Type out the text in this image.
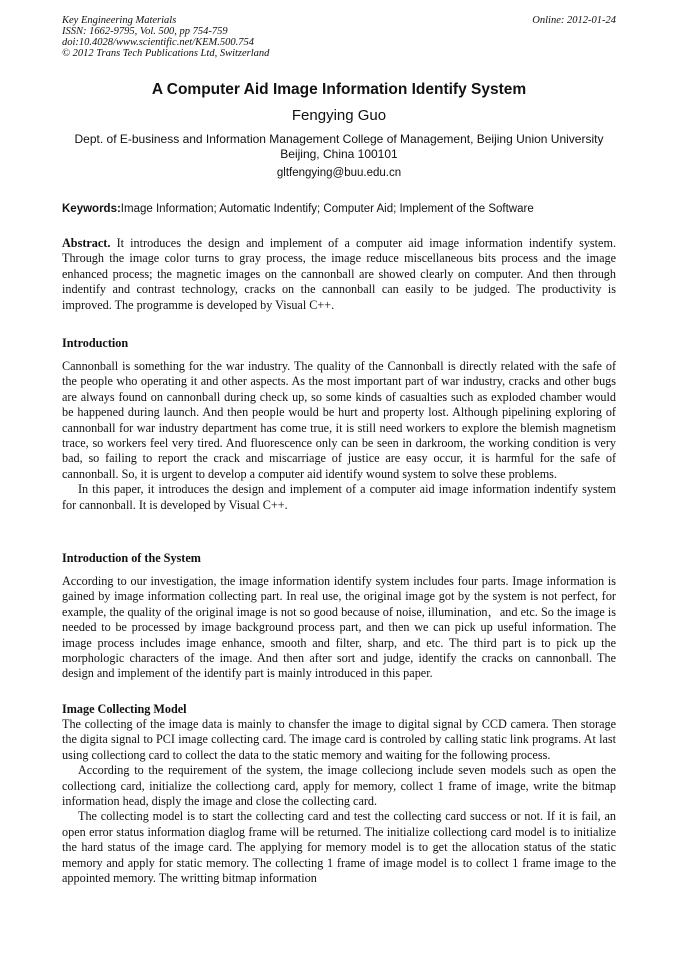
Key Engineering Materials
ISSN: 1662-9795, Vol. 500, pp 754-759
doi:10.4028/www.scientific.net/KEM.500.754
© 2012 Trans Tech Publications Ltd, Switzerland
Online: 2012-01-24
A Computer Aid Image Information Identify System
Fengying Guo
Dept. of E-business and Information Management College of Management, Beijing Union University Beijing, China 100101
gltfengying@buu.edu.cn
Keywords:Image Information; Automatic Indentify; Computer Aid; Implement of the Software

Abstract. It introduces the design and implement of a computer aid image information indentify system. Through the image color turns to gray process, the image reduce miscellaneous bits process and the image enhanced process; the magnetic images on the cannonball are showed clearly on computer. And then through indentify and contrast technology, cracks on the cannonball can easily to be judged. The productivity is improved. The programme is developed by Visual C++.

Introduction

Cannonball is something for the war industry. The quality of the Cannonball is directly related with the safe of the people who operating it and other aspects. As the most important part of war industry, cracks and other bugs are always found on cannonball during check up, so some kinds of casualties such as exploded chamber would be happened during launch. And then people would be hurt and property lost. Although pipelining exploring of cannonball for war industry department has come true, it is still need workers to explore the blemish magnetism trace, so workers feel very tired. And fluorescence only can be seen in darkroom, the working condition is very bad, so failing to report the crack and miscarriage of justice are easy occur, it is harmful for the safe of cannonball. So, it is urgent to develop a computer aid identify wound system to solve these problems.

In this paper, it introduces the design and implement of a computer aid image information indentify system for cannonball. It is developed by Visual C++.

Introduction of the System

According to our investigation, the image information identify system includes four parts. Image information is gained by image information collecting part. In real use, the original image got by the system is not perfect, for example, the quality of the original image is not so good because of noise, illumination，and etc. So the image is needed to be processed by image background process part, and then we can pick up useful information. The image process includes image enhance, smooth and filter, sharp, and etc. The third part is to pick up the morphologic characters of the image. And then after sort and judge, identify the cracks on cannonball. The design and implement of the identify part is mainly introduced in this paper.

Image Collecting Model

The collecting of the image data is mainly to chansfer the image to digital signal by CCD camera. Then storage the digita signal to PCI image collecting card. The image card is controled by calling static link programs. At last using collectiong card to collect the data to the static memory and waiting for the following process.

According to the requirement of the system, the image colleciong include seven models such as open the collectiong card, initialize the collectiong card, apply for memory, collect 1 frame of image, write the bitmap information head, disply the image and close the collecting card.

The collecting model is to start the collecting card and test the collecting card success or not. If it is fail, an open error status information diaglog frame will be returned. The initialize collectiong card model is to initialize the hard status of the image card. The applying for memory model is to get the allocation status of the static memory and apply for static memory. The collecting 1 frame of image model is to collect 1 frame image to the appointed memory. The writting bitmap information
